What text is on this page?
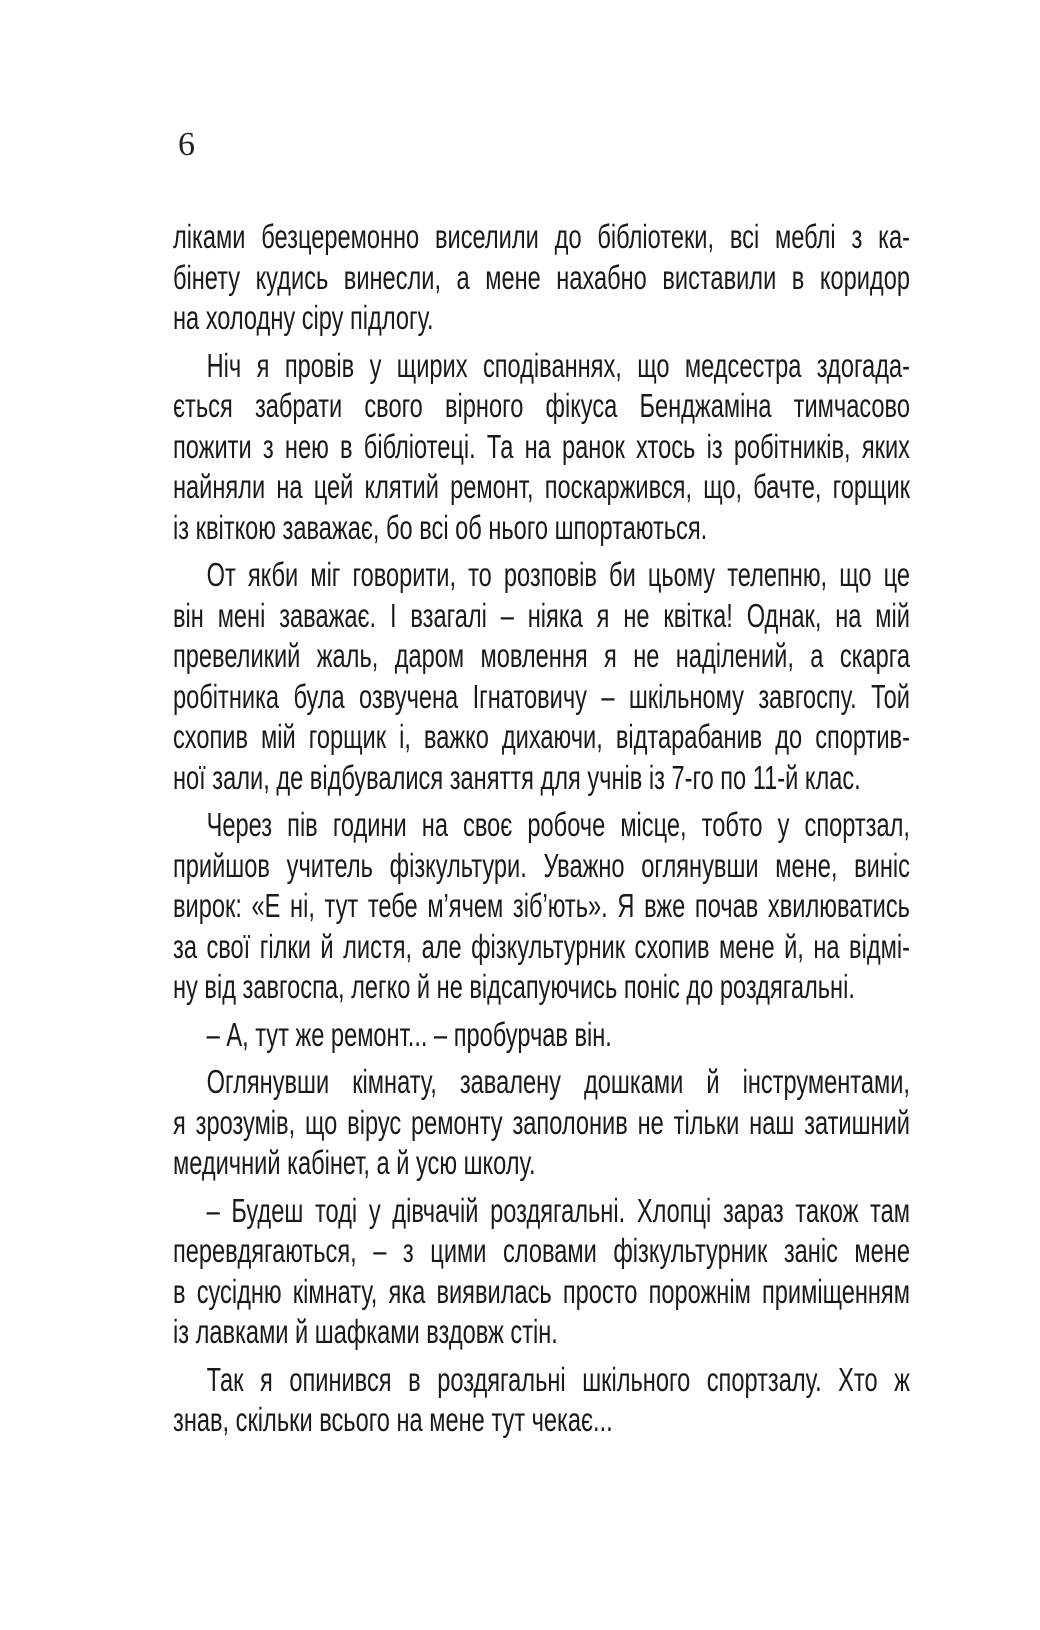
6
ліками безцеремонно виселили до бібліотеки, всі меблі з ка-
бінету кудись винесли, а мене нахабно виставили в коридор
на холодну сіру підлогу.
Ніч я провів у щирих сподіваннях, що медсестра здогада-
ється забрати свого вірного фікуса Бенджаміна тимчасово
пожити з нею в бібліотеці. Та на ранок хтось із робітників, яких
найняли на цей клятий ремонт, поскаржився, що, бачте, горщик
із квіткою заважає, бо всі об нього шпортаються.
От якби міг говорити, то розповів би цьому телепню, що це
він мені заважає. І взагалі – ніяка я не квітка! Однак, на мій
превеликий жаль, даром мовлення я не наділений, а скарга
робітника була озвучена Ігнатовичу – шкільному завгоспу. Той
схопив мій горщик і, важко дихаючи, відтарабанив до спортив-
ної зали, де відбувалися заняття для учнів із 7-го по 11-й клас.
Через пів години на своє робоче місце, тобто у спортзал,
прийшов учитель фізкультури. Уважно оглянувши мене, виніс
вирок: «Е ні, тут тебе м’ячем зіб’ють». Я вже почав хвилюватись
за свої гілки й листя, але фізкультурник схопив мене й, на відмі-
ну від завгоспа, легко й не відсапуючись поніс до роздягальні.
– А, тут же ремонт... – пробурчав він.
Оглянувши кімнату, завалену дошками й інструментами,
я зрозумів, що вірус ремонту заполонив не тільки наш затишний
медичний кабінет, а й усю школу.
– Будеш тоді у дівчачій роздягальні. Хлопці зараз також там
перевдягаються, – з цими словами фізкультурник заніс мене
в сусідню кімнату, яка виявилась просто порожнім приміщенням
із лавками й шафками вздовж стін.
Так я опинився в роздягальні шкільного спортзалу. Хто ж
знав, скільки всього на мене тут чекає...
